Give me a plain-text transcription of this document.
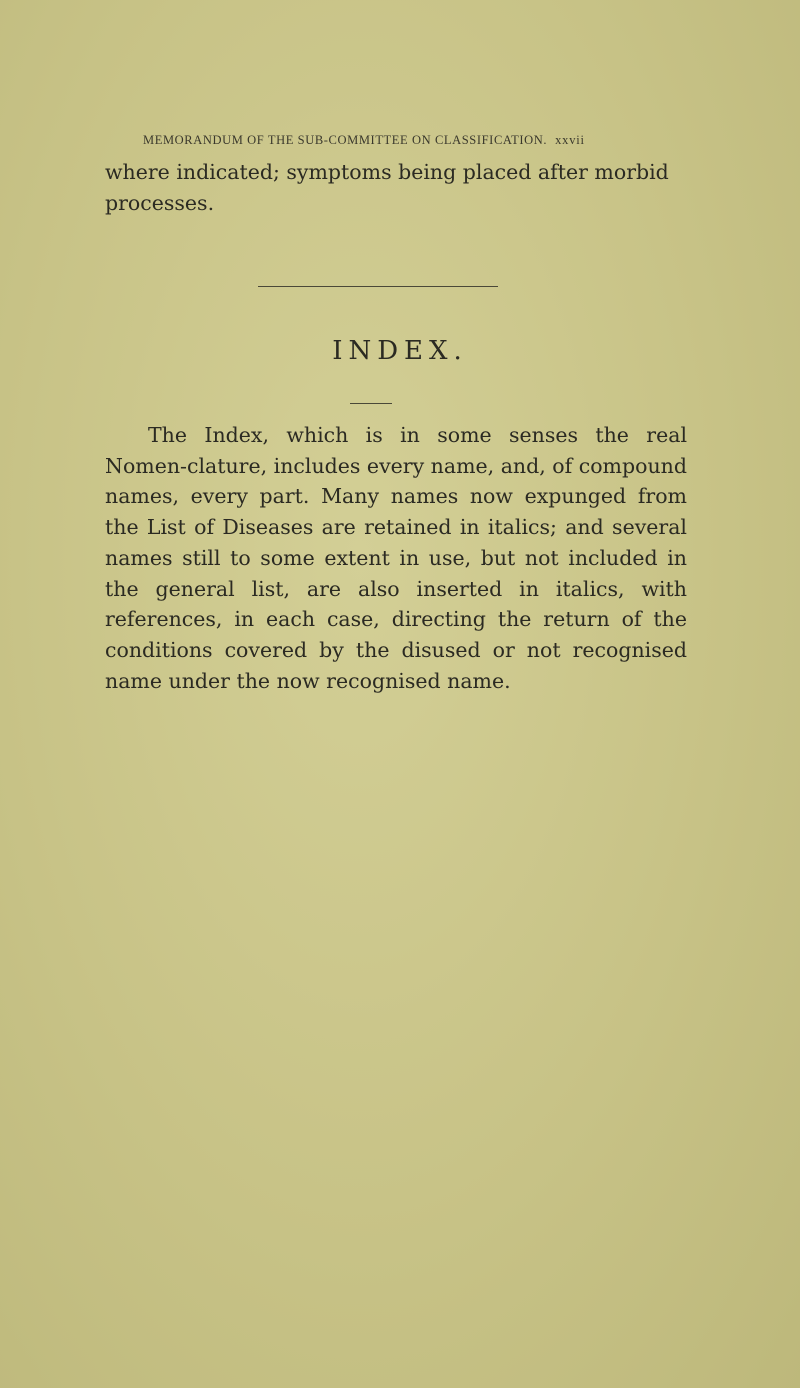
MEMORANDUM OF THE SUB-COMMITTEE ON CLASSIFICATION. xxvii

where indicated; symptoms being placed after morbid processes.

INDEX.

The Index, which is in some senses the real Nomen-clature, includes every name, and, of compound names, every part. Many names now expunged from the List of Diseases are retained in italics; and several names still to some extent in use, but not included in the general list, are also inserted in italics, with references, in each case, directing the return of the conditions covered by the disused or not recognised name under the now recognised name.
